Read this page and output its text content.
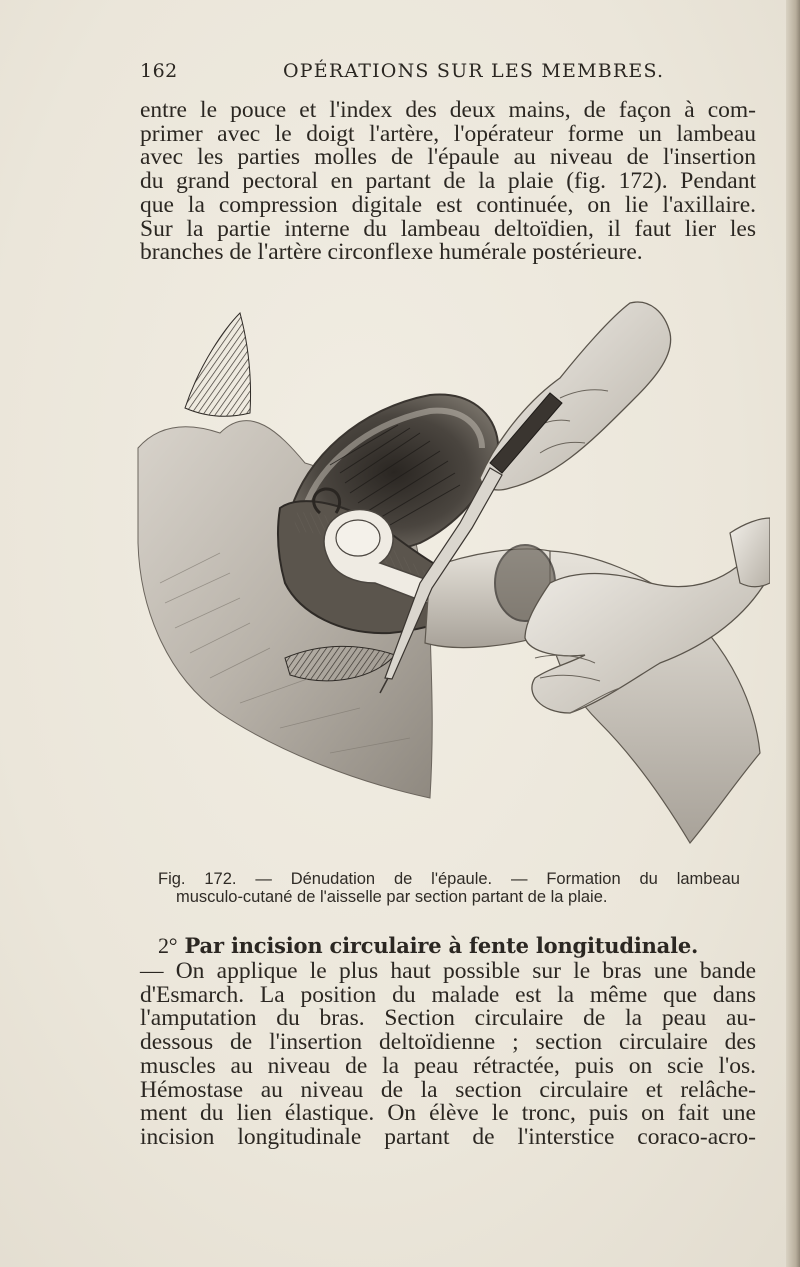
162	OPÉRATIONS SUR LES MEMBRES.
entre le pouce et l'index des deux mains, de façon à com-
primer avec le doigt l'artère, l'opérateur forme un lambeau
avec les parties molles de l'épaule au niveau de l'insertion
du grand pectoral en partant de la plaie (fig. 172). Pendant
que la compression digitale est continuée, on lie l'axillaire.
Sur la partie interne du lambeau deltoïdien, il faut lier les
branches de l'artère circonflexe humérale postérieure.
Fig. 172. — Dénudation de l'épaule. — Formation du lambeau
musculo-cutané de l'aisselle par section partant de la plaie.
2° Par incision circulaire à fente longitudinale.
— On applique le plus haut possible sur le bras une bande
d'Esmarch. La position du malade est la même que dans
l'amputation du bras. Section circulaire de la peau au-
dessous de l'insertion deltoïdienne ; section circulaire des
muscles au niveau de la peau rétractée, puis on scie l'os.
Hémostase au niveau de la section circulaire et relâche-
ment du lien élastique. On élève le tronc, puis on fait une
incision longitudinale partant de l'interstice coraco-acro-
